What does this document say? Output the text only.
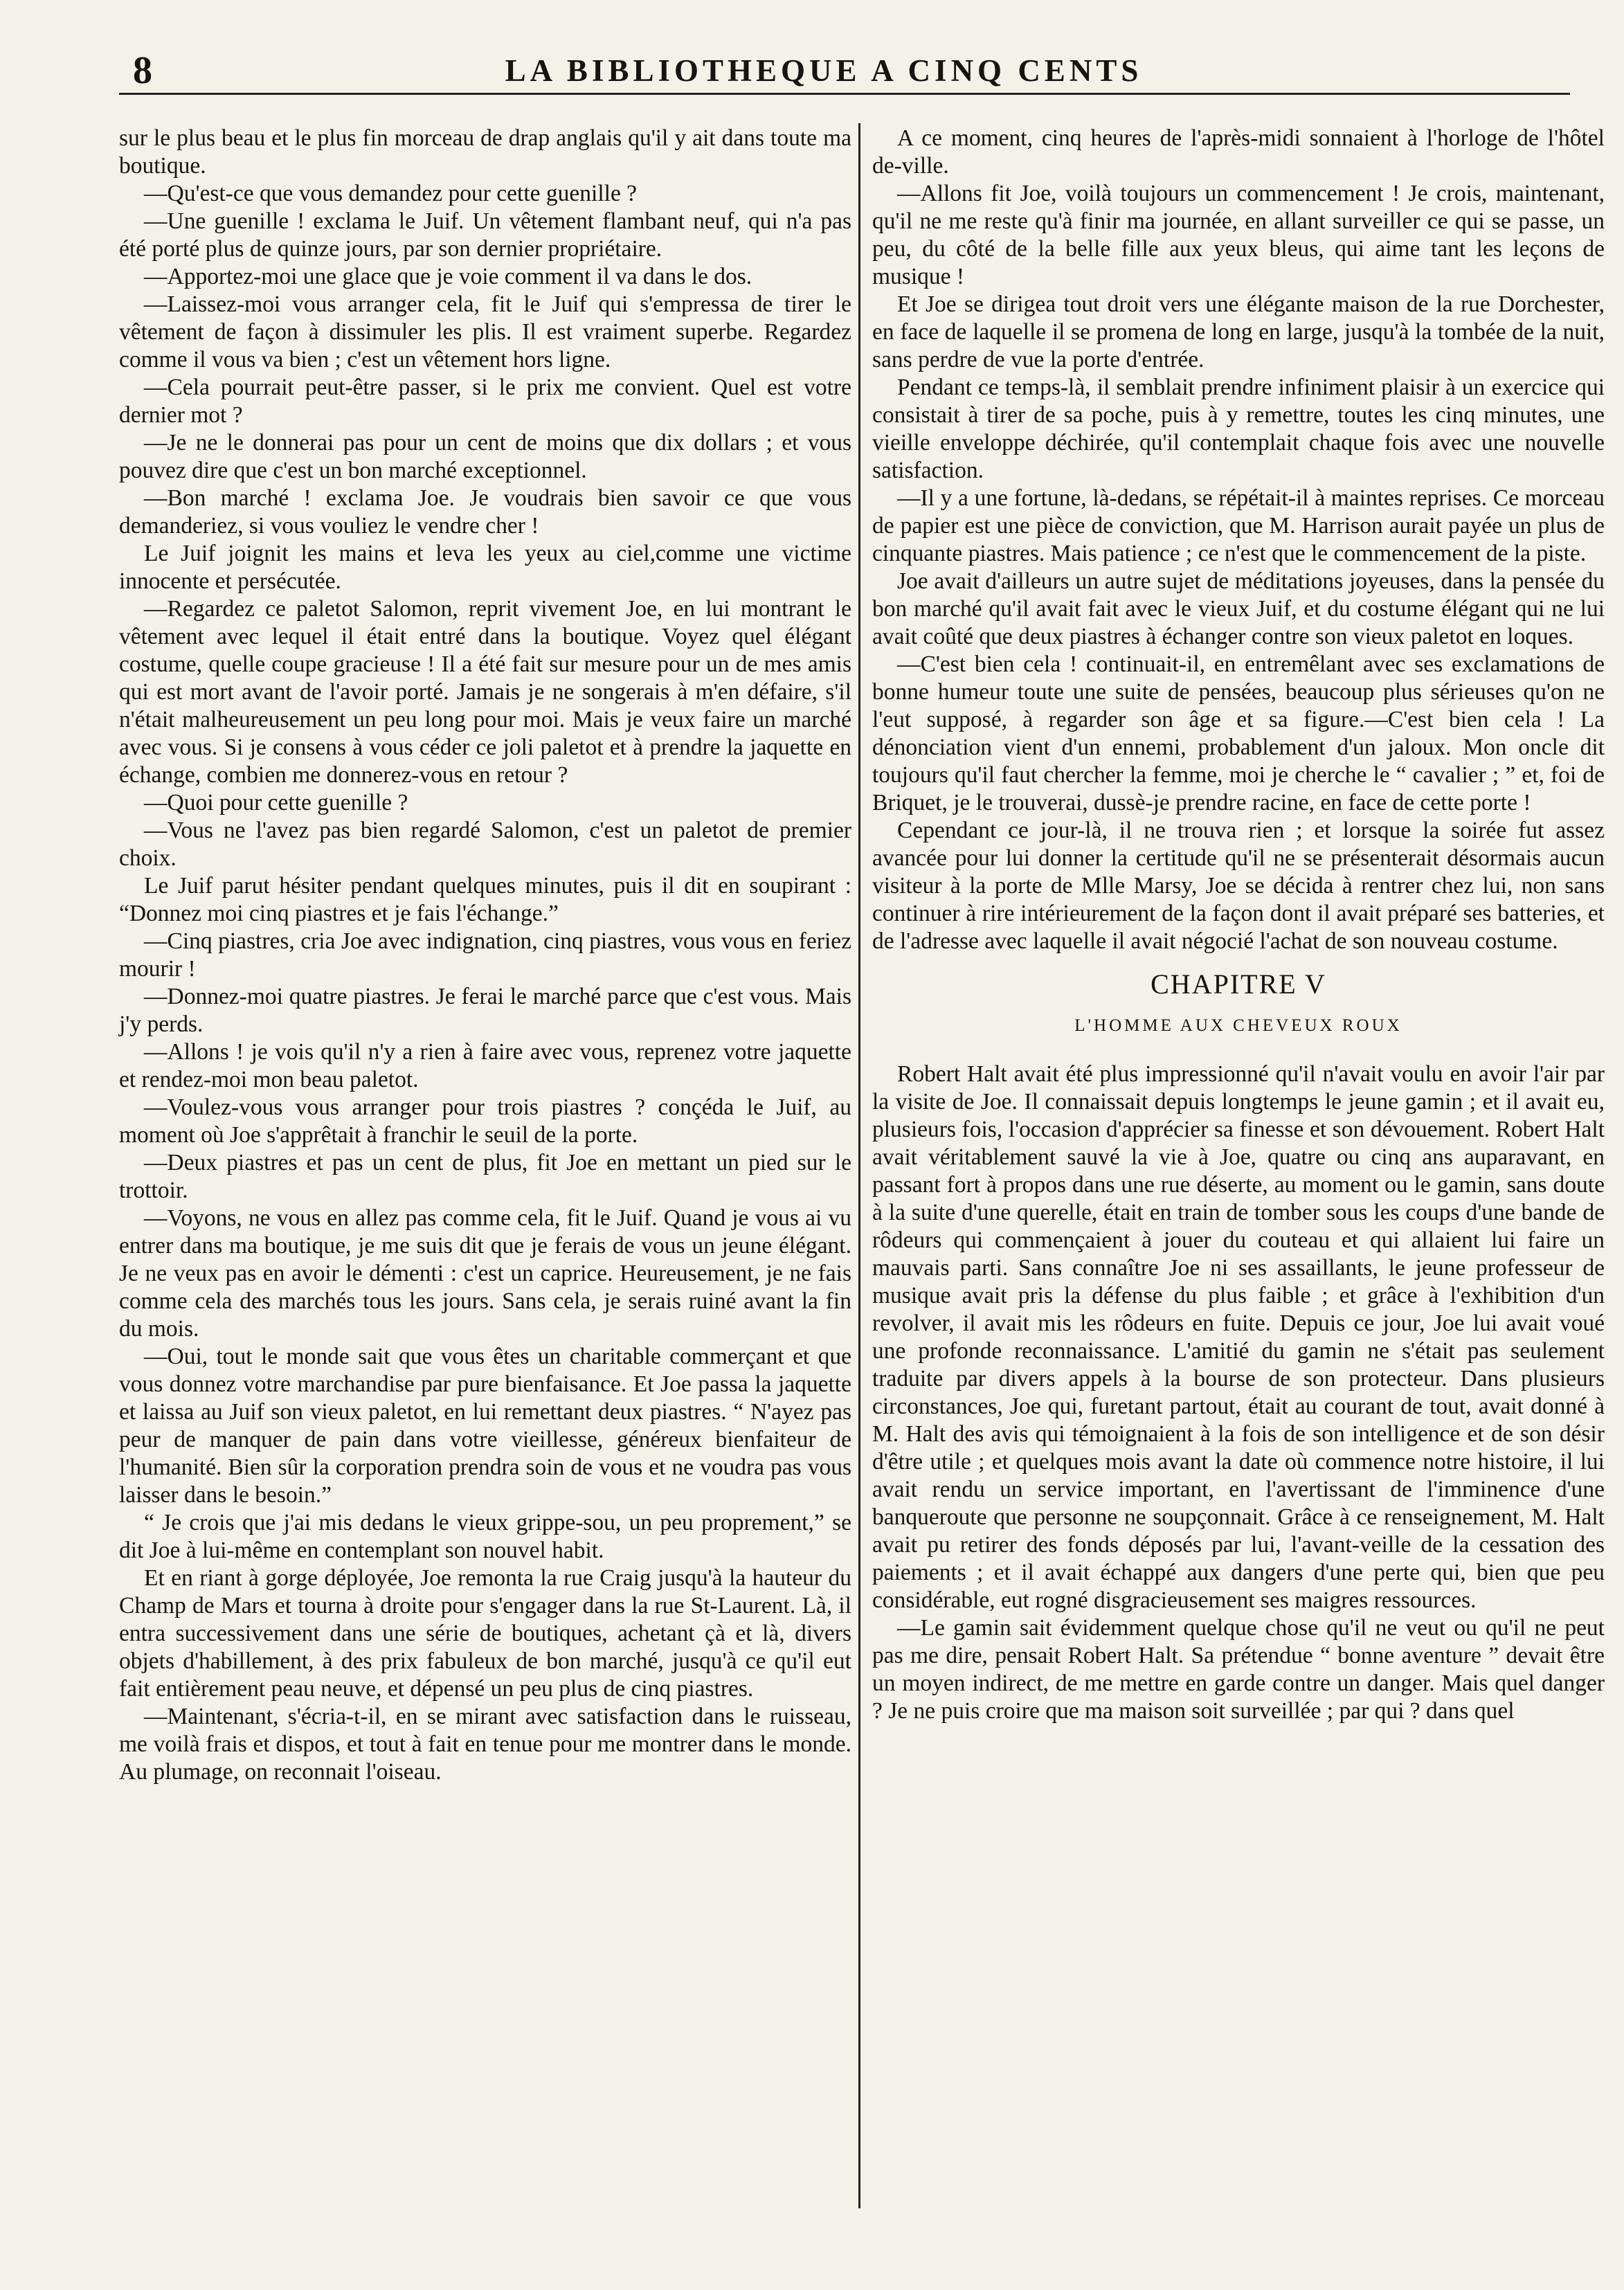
8	LA BIBLIOTHEQUE A CINQ CENTS

sur le plus beau et le plus fin morceau de drap anglais qu'il y ait dans toute ma boutique.

—Qu'est-ce que vous demandez pour cette guenille ?

—Une guenille ! exclama le Juif. Un vêtement flambant neuf, qui n'a pas été porté plus de quinze jours, par son dernier propriétaire.

—Apportez-moi une glace que je voie comment il va dans le dos.

—Laissez-moi vous arranger cela, fit le Juif qui s'empressa de tirer le vêtement de façon à dissimuler les plis. Il est vraiment superbe. Regardez comme il vous va bien ; c'est un vêtement hors ligne.

—Cela pourrait peut-être passer, si le prix me convient. Quel est votre dernier mot ?

—Je ne le donnerai pas pour un cent de moins que dix dollars ; et vous pouvez dire que c'est un bon marché exceptionnel.

—Bon marché ! exclama Joe. Je voudrais bien savoir ce que vous demanderiez, si vous vouliez le vendre cher !

Le Juif joignit les mains et leva les yeux au ciel,comme une victime innocente et persécutée.

—Regardez ce paletot Salomon, reprit vivement Joe, en lui montrant le vêtement avec lequel il était entré dans la boutique. Voyez quel élégant costume, quelle coupe gracieuse ! Il a été fait sur mesure pour un de mes amis qui est mort avant de l'avoir porté. Jamais je ne songerais à m'en défaire, s'il n'était malheureusement un peu long pour moi. Mais je veux faire un marché avec vous. Si je consens à vous céder ce joli paletot et à prendre la jaquette en échange, combien me donnerez-vous en retour ?

—Quoi pour cette guenille ?

—Vous ne l'avez pas bien regardé Salomon, c'est un paletot de premier choix.

Le Juif parut hésiter pendant quelques minutes, puis il dit en soupirant : “Donnez moi cinq piastres et je fais l'échange.”

—Cinq piastres, cria Joe avec indignation, cinq piastres, vous vous en feriez mourir !

—Donnez-moi quatre piastres. Je ferai le marché parce que c'est vous. Mais j'y perds.

—Allons ! je vois qu'il n'y a rien à faire avec vous, reprenez votre jaquette et rendez-moi mon beau paletot.

—Voulez-vous vous arranger pour trois piastres ? conçéda le Juif, au moment où Joe s'apprêtait à franchir le seuil de la porte.

—Deux piastres et pas un cent de plus, fit Joe en mettant un pied sur le trottoir.

—Voyons, ne vous en allez pas comme cela, fit le Juif. Quand je vous ai vu entrer dans ma boutique, je me suis dit que je ferais de vous un jeune élégant. Je ne veux pas en avoir le démenti : c'est un caprice. Heureusement, je ne fais comme cela des marchés tous les jours. Sans cela, je serais ruiné avant la fin du mois.

—Oui, tout le monde sait que vous êtes un charitable commerçant et que vous donnez votre marchandise par pure bienfaisance. Et Joe passa la jaquette et laissa au Juif son vieux paletot, en lui remettant deux piastres. “ N'ayez pas peur de manquer de pain dans votre vieillesse, généreux bienfaiteur de l'humanité. Bien sûr la corporation prendra soin de vous et ne voudra pas vous laisser dans le besoin.”

“ Je crois que j'ai mis dedans le vieux grippe-sou, un peu proprement,” se dit Joe à lui-même en contemplant son nouvel habit.

Et en riant à gorge déployée, Joe remonta la rue Craig jusqu'à la hauteur du Champ de Mars et tourna à droite pour s'engager dans la rue St-Laurent. Là, il entra successivement dans une série de boutiques, achetant çà et là, divers objets d'habillement, à des prix fabuleux de bon marché, jusqu'à ce qu'il eut fait entièrement peau neuve, et dépensé un peu plus de cinq piastres.

—Maintenant, s'écria-t-il, en se mirant avec satisfaction dans le ruisseau, me voilà frais et dispos, et tout à fait en tenue pour me montrer dans le monde. Au plumage, on reconnait l'oiseau.

A ce moment, cinq heures de l'après-midi sonnaient à l'horloge de l'hôtel de-ville.

—Allons fit Joe, voilà toujours un commencement ! Je crois, maintenant, qu'il ne me reste qu'à finir ma journée, en allant surveiller ce qui se passe, un peu, du côté de la belle fille aux yeux bleus, qui aime tant les leçons de musique !

Et Joe se dirigea tout droit vers une élégante maison de la rue Dorchester, en face de laquelle il se promena de long en large, jusqu'à la tombée de la nuit, sans perdre de vue la porte d'entrée.

Pendant ce temps-là, il semblait prendre infiniment plaisir à un exercice qui consistait à tirer de sa poche, puis à y remettre, toutes les cinq minutes, une vieille enveloppe déchirée, qu'il contemplait chaque fois avec une nouvelle satisfaction.

—Il y a une fortune, là-dedans, se répétait-il à maintes reprises. Ce morceau de papier est une pièce de conviction, que M. Harrison aurait payée un plus de cinquante piastres. Mais patience ; ce n'est que le commencement de la piste.

Joe avait d'ailleurs un autre sujet de méditations joyeuses, dans la pensée du bon marché qu'il avait fait avec le vieux Juif, et du costume élégant qui ne lui avait coûté que deux piastres à échanger contre son vieux paletot en loques.

—C'est bien cela ! continuait-il, en entremêlant avec ses exclamations de bonne humeur toute une suite de pensées, beaucoup plus sérieuses qu'on ne l'eut supposé, à regarder son âge et sa figure.—C'est bien cela ! La dénonciation vient d'un ennemi, probablement d'un jaloux. Mon oncle dit toujours qu'il faut chercher la femme, moi je cherche le “ cavalier ; ” et, foi de Briquet, je le trouverai, dussè-je prendre racine, en face de cette porte !

Cependant ce jour-là, il ne trouva rien ; et lorsque la soirée fut assez avancée pour lui donner la certitude qu'il ne se présenterait désormais aucun visiteur à la porte de Mlle Marsy, Joe se décida à rentrer chez lui, non sans continuer à rire intérieurement de la façon dont il avait préparé ses batteries, et de l'adresse avec laquelle il avait négocié l'achat de son nouveau costume.

CHAPITRE V

L'HOMME AUX CHEVEUX ROUX

Robert Halt avait été plus impressionné qu'il n'avait voulu en avoir l'air par la visite de Joe. Il connaissait depuis longtemps le jeune gamin ; et il avait eu, plusieurs fois, l'occasion d'apprécier sa finesse et son dévouement. Robert Halt avait véritablement sauvé la vie à Joe, quatre ou cinq ans auparavant, en passant fort à propos dans une rue déserte, au moment ou le gamin, sans doute à la suite d'une querelle, était en train de tomber sous les coups d'une bande de rôdeurs qui commençaient à jouer du couteau et qui allaient lui faire un mauvais parti. Sans connaître Joe ni ses assaillants, le jeune professeur de musique avait pris la défense du plus faible ; et grâce à l'exhibition d'un revolver, il avait mis les rôdeurs en fuite. Depuis ce jour, Joe lui avait voué une profonde reconnaissance. L'amitié du gamin ne s'était pas seulement traduite par divers appels à la bourse de son protecteur. Dans plusieurs circonstances, Joe qui, furetant partout, était au courant de tout, avait donné à M. Halt des avis qui témoignaient à la fois de son intelligence et de son désir d'être utile ; et quelques mois avant la date où commence notre histoire, il lui avait rendu un service important, en l'avertissant de l'imminence d'une banqueroute que personne ne soupçonnait. Grâce à ce renseignement, M. Halt avait pu retirer des fonds déposés par lui, l'avant-veille de la cessation des paiements ; et il avait échappé aux dangers d'une perte qui, bien que peu considérable, eut rogné disgracieusement ses maigres ressources.

—Le gamin sait évidemment quelque chose qu'il ne veut ou qu'il ne peut pas me dire, pensait Robert Halt. Sa prétendue “ bonne aventure ” devait être un moyen indirect, de me mettre en garde contre un danger. Mais quel danger ? Je ne puis croire que ma maison soit surveillée ; par qui ? dans quel
